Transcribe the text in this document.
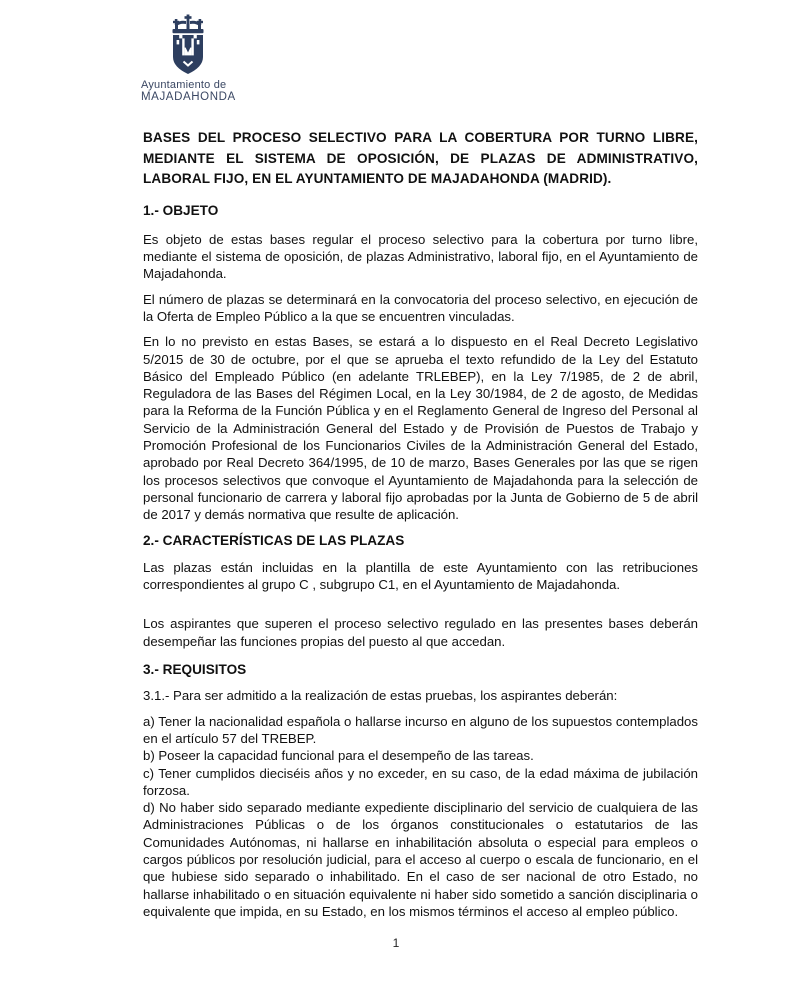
Ayuntamiento de
MAJADAHONDA
BASES DEL PROCESO SELECTIVO PARA LA COBERTURA POR TURNO LIBRE, MEDIANTE EL SISTEMA DE OPOSICIÓN, DE PLAZAS DE ADMINISTRATIVO, LABORAL FIJO, EN EL AYUNTAMIENTO DE MAJADAHONDA (MADRID).
1.- OBJETO

Es objeto de estas bases regular el proceso selectivo para la cobertura por turno libre, mediante el sistema de oposición, de plazas Administrativo, laboral fijo, en el Ayuntamiento de Majadahonda.

El número de plazas se determinará en la convocatoria del proceso selectivo, en ejecución de la Oferta de Empleo Público a la que se encuentren vinculadas.

En lo no previsto en estas Bases, se estará a lo dispuesto en el Real Decreto Legislativo 5/2015 de 30 de octubre, por el que se aprueba el texto refundido de la Ley del Estatuto Básico del Empleado Público (en adelante TRLEBEP), en la Ley 7/1985, de 2 de abril, Reguladora de las Bases del Régimen Local, en la Ley 30/1984, de 2 de agosto, de Medidas para la Reforma de la Función Pública y en el Reglamento General de Ingreso del Personal al Servicio de la Administración General del Estado y de Provisión de Puestos de Trabajo y Promoción Profesional de los Funcionarios Civiles de la Administración General del Estado, aprobado por Real Decreto 364/1995, de 10 de marzo, Bases Generales por las que se rigen los procesos selectivos que convoque el Ayuntamiento de Majadahonda para la selección de personal funcionario de carrera y laboral fijo aprobadas por la Junta de Gobierno de 5 de abril de 2017 y demás normativa que resulte de aplicación.

2.- CARACTERÍSTICAS DE LAS PLAZAS

Las plazas están incluidas en la plantilla de este Ayuntamiento con las retribuciones correspondientes al grupo C , subgrupo C1, en el Ayuntamiento de Majadahonda.

Los aspirantes que superen el proceso selectivo regulado en las presentes bases deberán desempeñar las funciones propias del puesto al que accedan.

3.- REQUISITOS

3.1.- Para ser admitido a la realización de estas pruebas, los aspirantes deberán:

a) Tener la nacionalidad española o hallarse incurso en alguno de los supuestos contemplados en el artículo 57 del TREBEP.

b) Poseer la capacidad funcional para el desempeño de las tareas.

c) Tener cumplidos dieciséis años y no exceder, en su caso, de la edad máxima de jubilación forzosa.

d) No haber sido separado mediante expediente disciplinario del servicio de cualquiera de las Administraciones Públicas o de los órganos constitucionales o estatutarios de las Comunidades Autónomas, ni hallarse en inhabilitación absoluta o especial para empleos o cargos públicos por resolución judicial, para el acceso al cuerpo o escala de funcionario, en el que hubiese sido separado o inhabilitado. En el caso de ser nacional de otro Estado, no hallarse inhabilitado o en situación equivalente ni haber sido sometido a sanción disciplinaria o equivalente que impida, en su Estado, en los mismos términos el acceso al empleo público.

1
